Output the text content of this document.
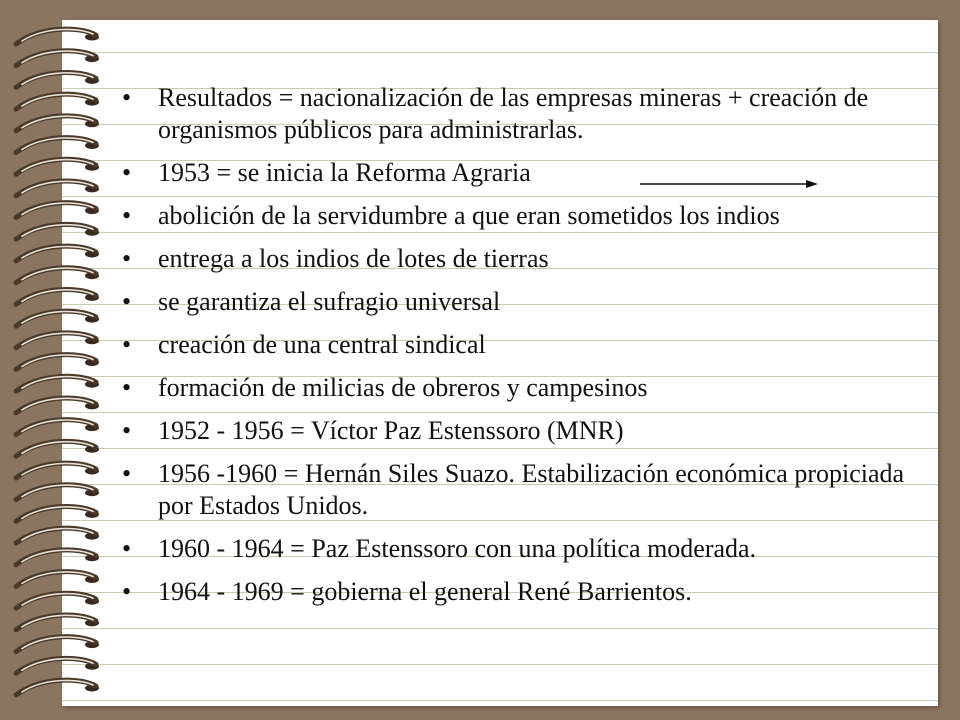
• Resultados = nacionalización de las empresas mineras + creación de organismos públicos para administrarlas.
• 1953 = se inicia la Reforma Agraria
• abolición de la servidumbre a que eran sometidos los indios
• entrega a los indios de lotes de tierras
• se garantiza el sufragio universal
• creación de una central sindical
• formación de milicias de obreros y campesinos
• 1952 - 1956 = Víctor Paz Estenssoro (MNR)
• 1956 -1960 = Hernán Siles Suazo. Estabilización económica propiciada por Estados Unidos.
• 1960 - 1964 = Paz Estenssoro con una política moderada.
• 1964 - 1969 = gobierna el general René Barrientos.
